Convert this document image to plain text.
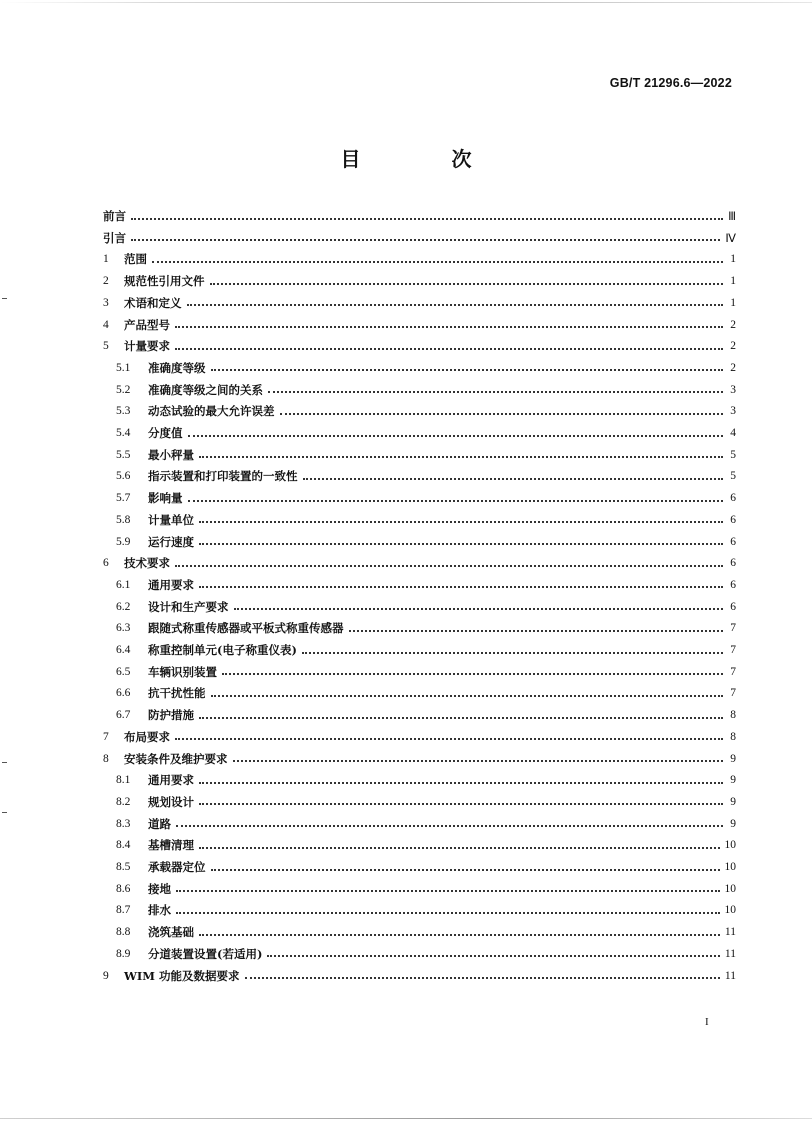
GB/T 21296.6—2022
目 次
前言	Ⅲ
引言	Ⅳ
1	范围	1
2	规范性引用文件	1
3	术语和定义	1
4	产品型号	2
5	计量要求	2
5.1	准确度等级	2
5.2	准确度等级之间的关系	3
5.3	动态试验的最大允许误差	3
5.4	分度值	4
5.5	最小秤量	5
5.6	指示装置和打印装置的一致性	5
5.7	影响量	6
5.8	计量单位	6
5.9	运行速度	6
6	技术要求	6
6.1	通用要求	6
6.2	设计和生产要求	6
6.3	跟随式称重传感器或平板式称重传感器	7
6.4	称重控制单元(电子称重仪表)	7
6.5	车辆识别装置	7
6.6	抗干扰性能	7
6.7	防护措施	8
7	布局要求	8
8	安装条件及维护要求	9
8.1	通用要求	9
8.2	规划设计	9
8.3	道路	9
8.4	基槽清理	10
8.5	承载器定位	10
8.6	接地	10
8.7	排水	10
8.8	浇筑基础	11
8.9	分道装置设置(若适用)	11
9	WIM 功能及数据要求	11
I
